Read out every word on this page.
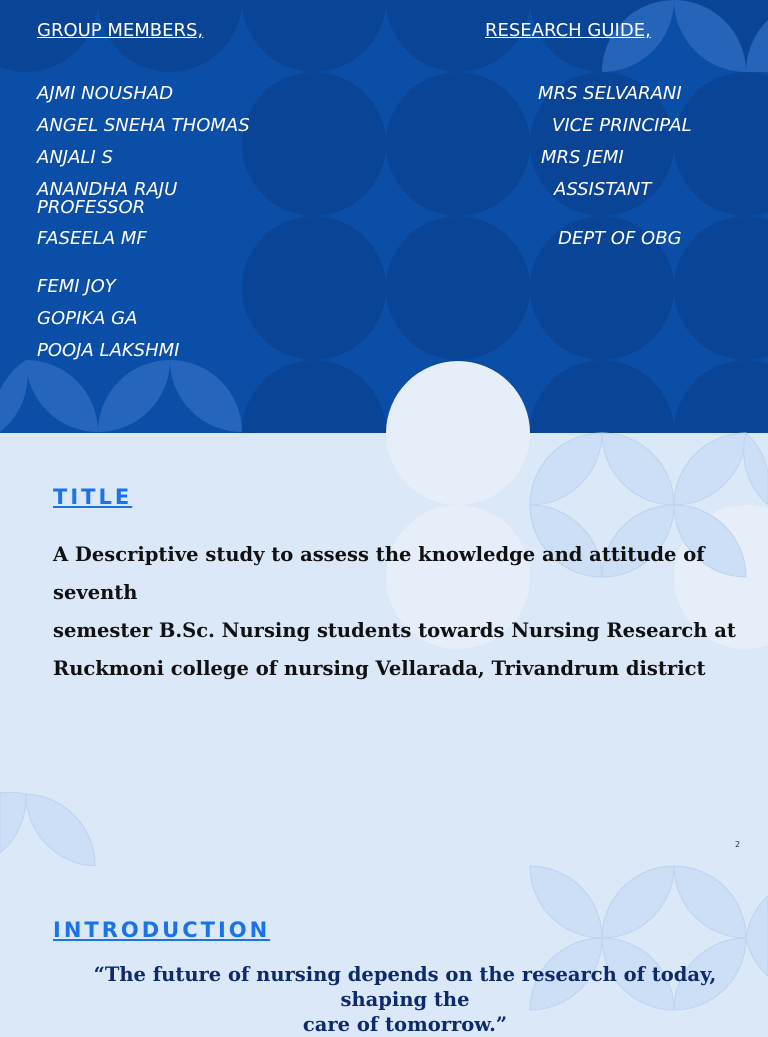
GROUP MEMBERS,	RESEARCH GUIDE,
AJMI NOUSHAD
ANGEL SNEHA THOMAS
ANJALI S
ANANDHA RAJU
FASEELA MF
FEMI JOY
GOPIKA GA
POOJA LAKSHMI
MRS SELVARANI
VICE PRINCIPAL
MRS JEMI
ASSISTANT
PROFESSOR
DEPT OF OBG
TITLE
A Descriptive study to assess the knowledge and attitude of seventh
semester B.Sc. Nursing students towards Nursing Research at
Ruckmoni college of nursing Vellarada, Trivandrum district
2
INTRODUCTION
“The future of nursing depends on the research of today, shaping the
care of tomorrow.”
